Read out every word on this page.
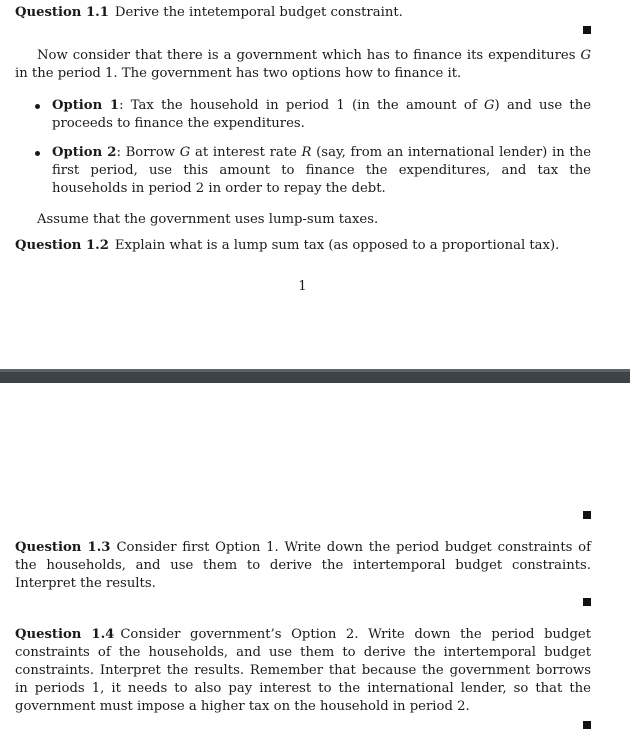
Question 1.1 Derive the intetemporal budget constraint.
Now consider that there is a government which has to finance its expenditures G in the period 1. The government has two options how to finance it.
Option 1: Tax the household in period 1 (in the amount of G) and use the proceeds to finance the expenditures.
Option 2: Borrow G at interest rate R (say, from an international lender) in the first period, use this amount to finance the expenditures, and tax the households in period 2 in order to repay the debt.
Assume that the government uses lump-sum taxes.
Question 1.2 Explain what is a lump sum tax (as opposed to a proportional tax).
1
Question 1.3 Consider first Option 1. Write down the period budget constraints of the households, and use them to derive the intertemporal budget constraints. Interpret the results.
Question 1.4 Consider government’s Option 2. Write down the period budget constraints of the households, and use them to derive the intertemporal budget constraints. Interpret the results. Remember that because the government borrows in periods 1, it needs to also pay interest to the international lender, so that the government must impose a higher tax on the household in period 2.
